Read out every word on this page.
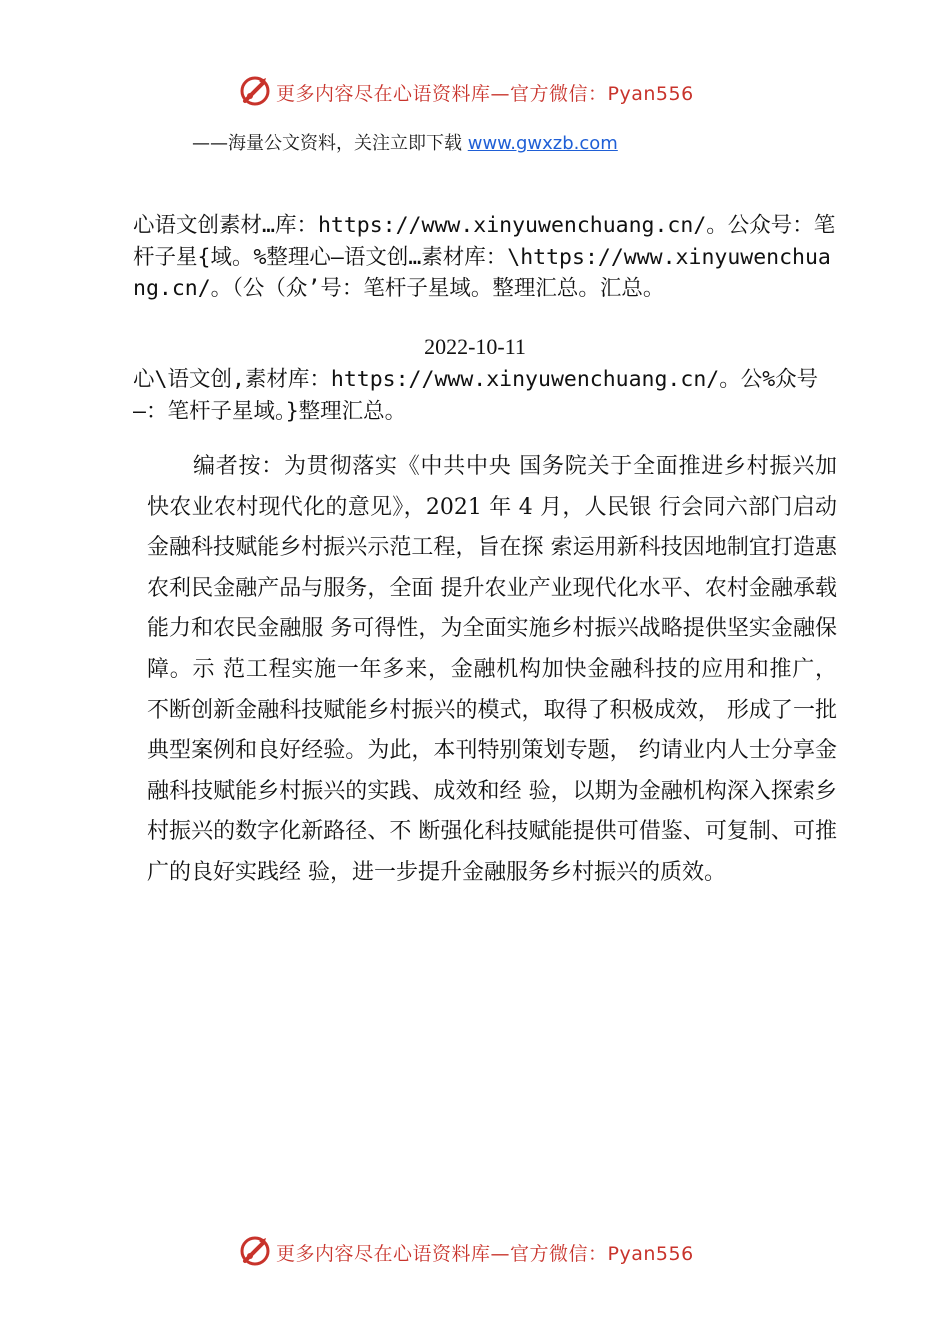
更多内容尽在心语资料库—官方微信：Pyan556
——海量公文资料，关注立即下载 www.gwxzb.com

心语文创素材…库：https://www.xinyuwenchuang.cn/。公众号：笔杆子星{域。%整理心—语文创…素材库：\https://www.xinyuwenchuang.cn/。（公（众’号：笔杆子星域。整理汇总。汇总。

2022-10-11

心\语文创,素材库：https://www.xinyuwenchuang.cn/。公%众号—：笔杆子星域。}整理汇总。

编者按：为贯彻落实《中共中央 国务院关于全面推进乡村振兴加快农业农村现代化的意见》，2021 年 4 月，人民银 行会同六部门启动金融科技赋能乡村振兴示范工程，旨在探 索运用新科技因地制宜打造惠农利民金融产品与服务，全面 提升农业产业现代化水平、农村金融承载能力和农民金融服 务可得性，为全面实施乡村振兴战略提供坚实金融保障。示 范工程实施一年多来，金融机构加快金融科技的应用和推广， 不断创新金融科技赋能乡村振兴的模式，取得了积极成效， 形成了一批典型案例和良好经验。为此，本刊特别策划专题， 约请业内人士分享金融科技赋能乡村振兴的实践、成效和经 验，以期为金融机构深入探索乡村振兴的数字化新路径、不 断强化科技赋能提供可借鉴、可复制、可推广的良好实践经 验，进一步提升金融服务乡村振兴的质效。

更多内容尽在心语资料库—官方微信：Pyan556
